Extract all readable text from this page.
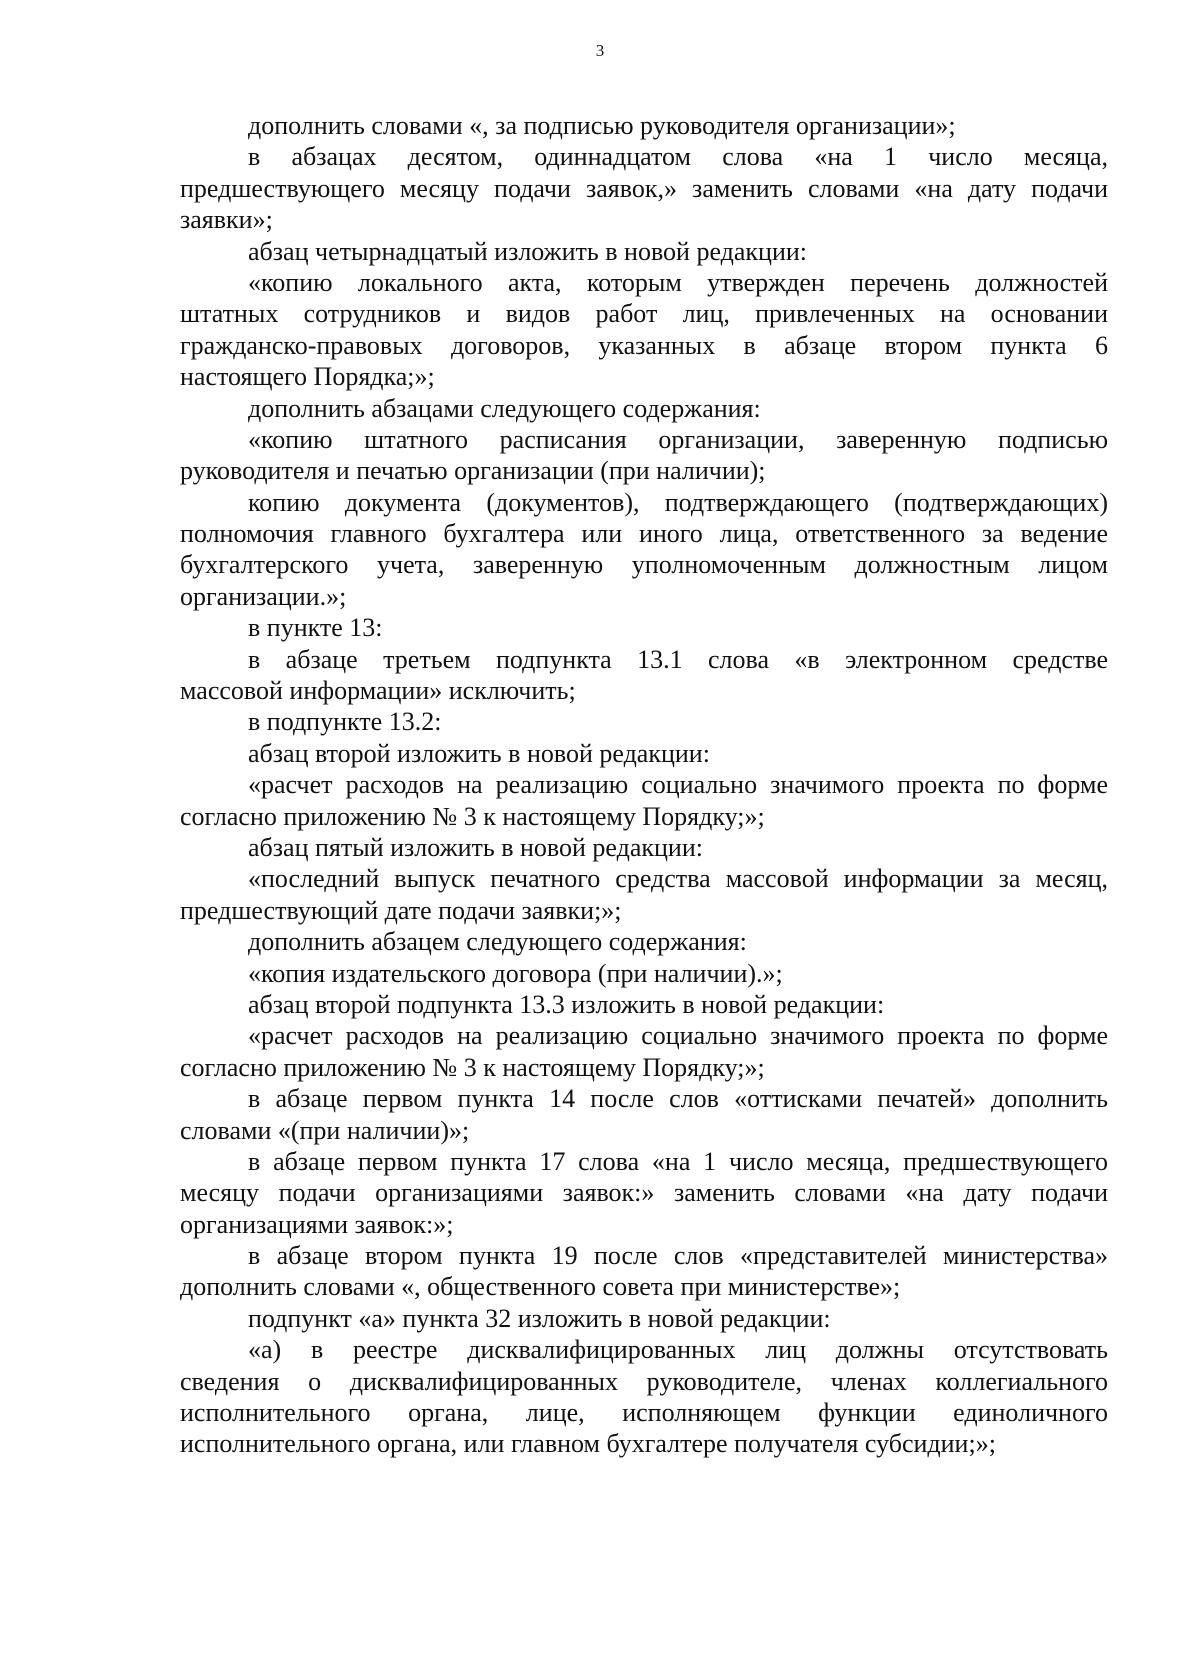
3
дополнить словами «, за подписью руководителя организации»;
в абзацах десятом, одиннадцатом слова «на 1 число месяца,
предшествующего месяцу подачи заявок,» заменить словами «на дату подачи
заявки»;
абзац четырнадцатый изложить в новой редакции:
«копию локального акта, которым утвержден перечень должностей
штатных сотрудников и видов работ лиц, привлеченных на основании
гражданско-правовых договоров, указанных в абзаце втором пункта 6
настоящего Порядка;»;
дополнить абзацами следующего содержания:
«копию штатного расписания организации, заверенную подписью
руководителя и печатью организации (при наличии);
копию документа (документов), подтверждающего (подтверждающих)
полномочия главного бухгалтера или иного лица, ответственного за ведение
бухгалтерского учета, заверенную уполномоченным должностным лицом
организации.»;
в пункте 13:
в абзаце третьем подпункта 13.1 слова «в электронном средстве
массовой информации» исключить;
в подпункте 13.2:
абзац второй изложить в новой редакции:
«расчет расходов на реализацию социально значимого проекта по форме
согласно приложению № 3 к настоящему Порядку;»;
абзац пятый изложить в новой редакции:
«последний выпуск печатного средства массовой информации за месяц,
предшествующий дате подачи заявки;»;
дополнить абзацем следующего содержания:
«копия издательского договора (при наличии).»;
абзац второй подпункта 13.3 изложить в новой редакции:
«расчет расходов на реализацию социально значимого проекта по форме
согласно приложению № 3 к настоящему Порядку;»;
в абзаце первом пункта 14 после слов «оттисками печатей» дополнить
словами «(при наличии)»;
в абзаце первом пункта 17 слова «на 1 число месяца, предшествующего
месяцу подачи организациями заявок:» заменить словами «на дату подачи
организациями заявок:»;
в абзаце втором пункта 19 после слов «представителей министерства»
дополнить словами «, общественного совета при министерстве»;
подпункт «а» пункта 32 изложить в новой редакции:
«а) в реестре дисквалифицированных лиц должны отсутствовать
сведения о дисквалифицированных руководителе, членах коллегиального
исполнительного органа, лице, исполняющем функции единоличного
исполнительного органа, или главном бухгалтере получателя субсидии;»;
